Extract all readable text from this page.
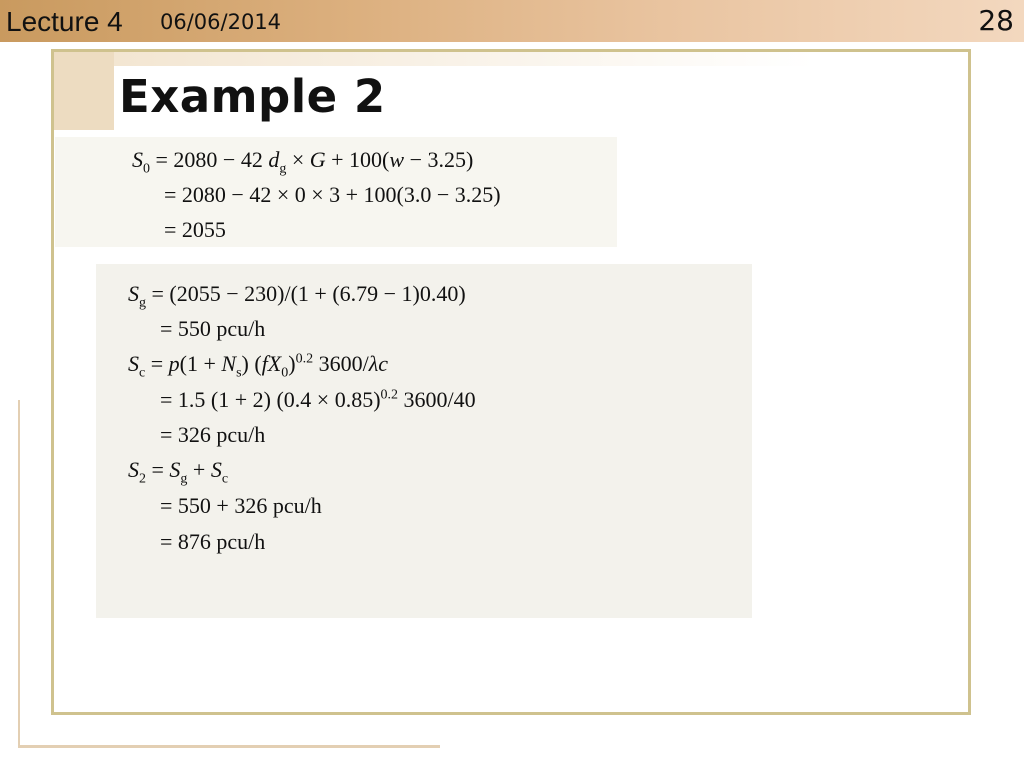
Lecture 4 06/06/2014	28
Example 2
$S_0 = 2080 - 42$ $d_g \times G + 100(w - 3.25)$
= 2080 − 42 × 0 × 3 + 100(3.0 − 3.25)
= 2055
$S_g = (2055 - 230)/(1 + (6.79 - 1)0.40)$
= 550 pcu/h
$S_c = p(1 + N_s)$ $(fX_0)^{0.2}$ 3600/λc
= 1.5 (1 + 2) $(0.4 \times 0.85)^{0.2}$ 3600/40
= 326 pcu/h
$S_2 = S_g + S_c$
= 550 + 326 pcu/h
= 876 pcu/h
